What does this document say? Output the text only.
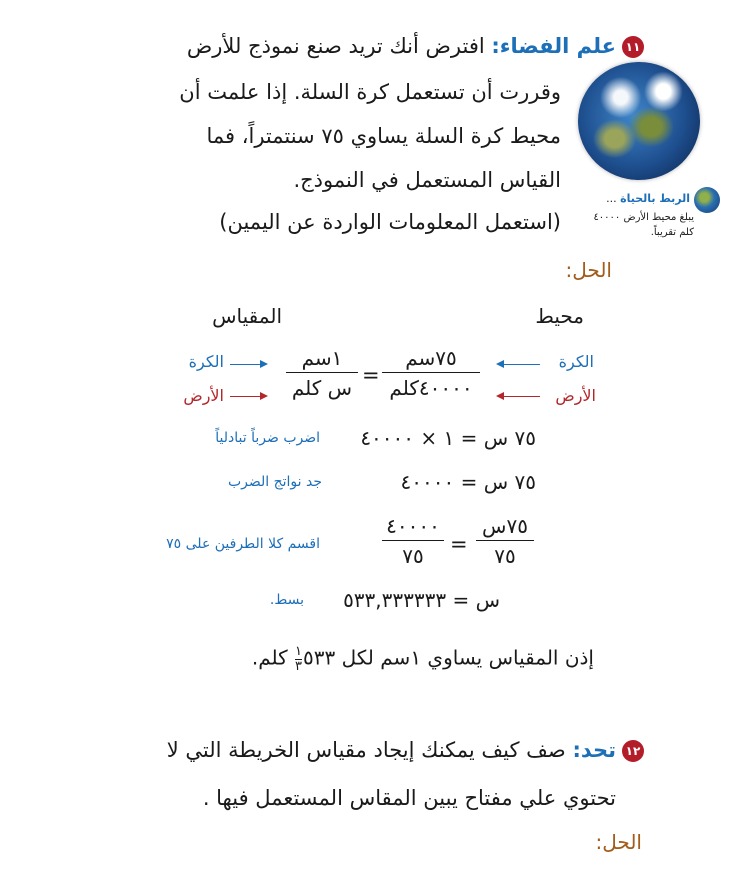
١١علم الفضاء: افترض أنك تريد صنع نموذج للأرض
وقررت أن تستعمل كرة السلة. إذا علمت أن
محيط كرة السلة يساوي ٧٥ سنتمتراً، فما
القياس المستعمل في النموذج.
(استعمل المعلومات الواردة عن اليمين)
الربط بالحياة ...
يبلغ محيط الأرض ٤٠٠٠٠
كلم تقريباً.
الحل:
محيط
المقياس
الكرة
الأرض
الكرة
الأرض
٧٥سم
٤٠٠٠٠كلم
=
١سم
س كلم
٧٥ س = ١ × ٤٠٠٠٠
اضرب ضرباً تبادلياً
٧٥ س = ٤٠٠٠٠
جد نواتج الضرب
٧٥س
٧٥
=
٤٠٠٠٠
٧٥
اقسم كلا الطرفين على ٧٥
س = ٥٣٣,٣٣٣٣٣٣
بسط.
إذن المقياس يساوي ١سم لكل ٥٣٣
١
٣
كلم.
١٢تحد: صف كيف يمكنك إيجاد مقياس الخريطة التي لا
تحتوي علي مفتاح يبين المقاس المستعمل فيها .
الحل:
